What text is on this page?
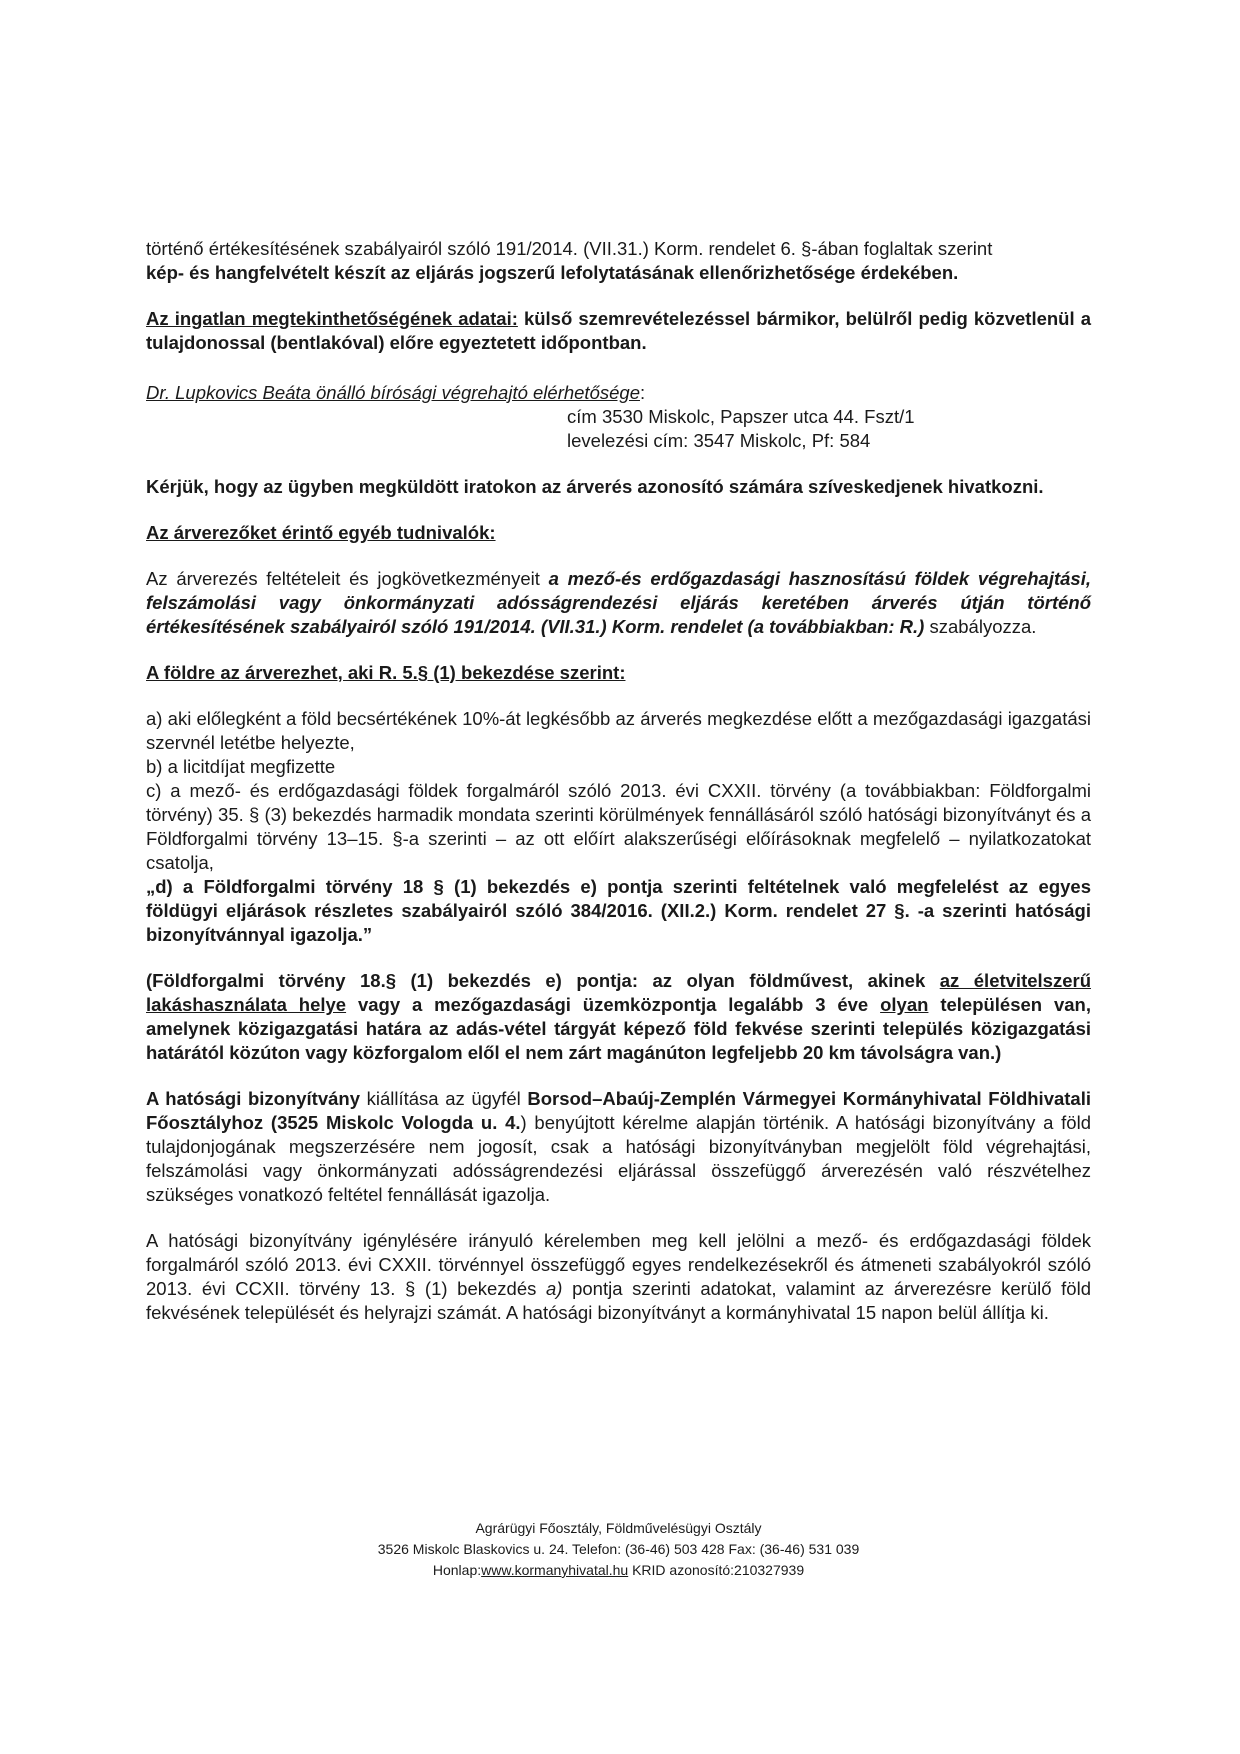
történő értékesítésének szabályairól szóló 191/2014. (VII.31.) Korm. rendelet 6. §-ában foglaltak szerint
kép- és hangfelvételt készít az eljárás jogszerű lefolytatásának ellenőrizhetősége érdekében.

Az ingatlan megtekinthetőségének adatai: külső szemrevételezéssel bármikor, belülről pedig közvetlenül a tulajdonossal (bentlakóval) előre egyeztetett időpontban.

Dr. Lupkovics Beáta önálló bírósági végrehajtó elérhetősége:

cím 3530 Miskolc, Papszer utca 44. Fszt/1

levelezési cím: 3547 Miskolc, Pf: 584

Kérjük, hogy az ügyben megküldött iratokon az árverés azonosító számára szíveskedjenek hivatkozni.

Az árverezőket érintő egyéb tudnivalók:

Az árverezés feltételeit és jogkövetkezményeit a mező-és erdőgazdasági hasznosítású földek végrehajtási, felszámolási vagy önkormányzati adósságrendezési eljárás keretében árverés útján történő értékesítésének szabályairól szóló 191/2014. (VII.31.) Korm. rendelet (a továbbiakban: R.) szabályozza.

A földre az árverezhet, aki R. 5.§ (1) bekezdése szerint:

a) aki előlegként a föld becsértékének 10%-át legkésőbb az árverés megkezdése előtt a mezőgazdasági igazgatási szervnél letétbe helyezte,

b) a licitdíjat megfizette

c) a mező- és erdőgazdasági földek forgalmáról szóló 2013. évi CXXII. törvény (a továbbiakban: Földforgalmi törvény) 35. § (3) bekezdés harmadik mondata szerinti körülmények fennállásáról szóló hatósági bizonyítványt és a Földforgalmi törvény 13–15. §-a szerinti – az ott előírt alakszerűségi előírásoknak megfelelő – nyilatkozatokat csatolja,

„d) a Földforgalmi törvény 18 § (1) bekezdés e) pontja szerinti feltételnek való megfelelést az egyes földügyi eljárások részletes szabályairól szóló 384/2016. (XII.2.) Korm. rendelet 27 §. -a szerinti hatósági bizonyítvánnyal igazolja.”

(Földforgalmi törvény 18.§ (1) bekezdés e) pontja: az olyan földművest, akinek az életvitelszerű lakáshasználata helye vagy a mezőgazdasági üzemközpontja legalább 3 éve olyan településen van, amelynek közigazgatási határa az adás-vétel tárgyát képező föld fekvése szerinti település közigazgatási határától közúton vagy közforgalom elől el nem zárt magánúton legfeljebb 20 km távolságra van.)

A hatósági bizonyítvány kiállítása az ügyfél Borsod–Abaúj-Zemplén Vármegyei Kormányhivatal Földhivatali Főosztályhoz (3525 Miskolc Vologda u. 4.) benyújtott kérelme alapján történik. A hatósági bizonyítvány a föld tulajdonjogának megszerzésére nem jogosít, csak a hatósági bizonyítványban megjelölt föld végrehajtási, felszámolási vagy önkormányzati adósságrendezési eljárással összefüggő árverezésén való részvételhez szükséges vonatkozó feltétel fennállását igazolja.

A hatósági bizonyítvány igénylésére irányuló kérelemben meg kell jelölni a mező- és erdőgazdasági földek forgalmáról szóló 2013. évi CXXII. törvénnyel összefüggő egyes rendelkezésekről és átmeneti szabályokról szóló 2013. évi CCXII. törvény 13. § (1) bekezdés a) pontja szerinti adatokat, valamint az árverezésre kerülő föld fekvésének települését és helyrajzi számát. A hatósági bizonyítványt a kormányhivatal 15 napon belül állítja ki.

Agrárügyi Főosztály, Földművelésügyi Osztály
3526 Miskolc Blaskovics u. 24. Telefon: (36-46) 503 428 Fax: (36-46) 531 039
Honlap:www.kormanyhivatal.hu KRID azonosító:210327939
